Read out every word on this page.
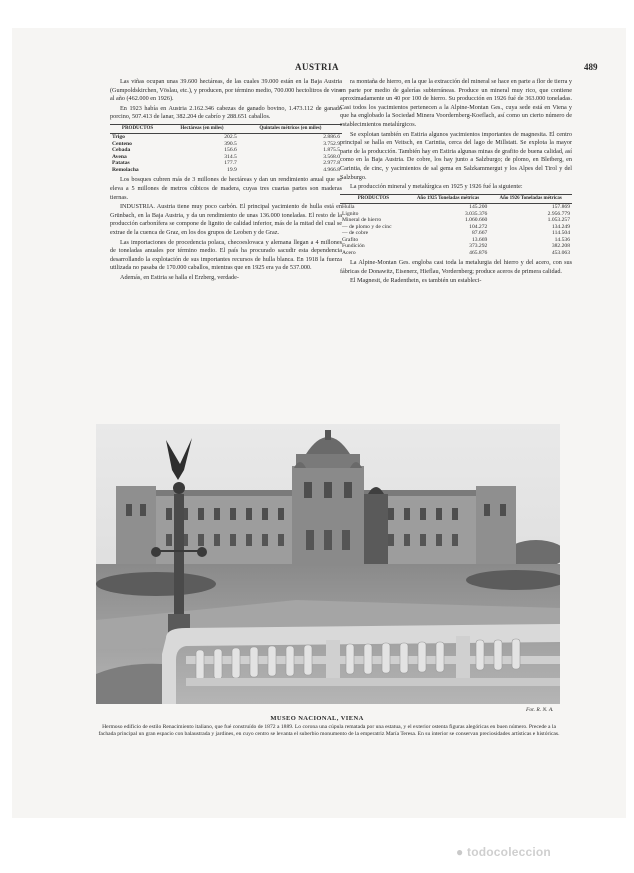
AUSTRIA	489

Las viñas ocupan unas 39.600 hectáreas, de las cuales 39.000 están en la Baja Austria (Gumpoldskirchen, Vöslau, etc.), y producen, por término medio, 700.000 hectolitros de vino al año (462.000 en 1926).

En 1923 había en Austria 2.162.346 cabezas de ganado bovino, 1.473.112 de ganado porcino, 507.413 de lanar, 382.204 de cabrío y 288.651 caballos.

PRODUCTOS	Hectáreas (en miles)	Quintales métricos (en miles)
Trigo	202.5	2.886.6
Centeno	390.5	3.752.9
Cebada	156.6	1.875.5
Avena	314.5	3.568.0
Patatas	177.7	2.977.8
Remolacha	19.9	4.966.8

Los bosques cubren más de 3 millones de hectáreas y dan un rendimiento anual que se eleva a 5 millones de metros cúbicos de madera, cuyas tres cuartas partes son maderas tiernas.

INDUSTRIA. Austria tiene muy poco carbón. El principal yacimiento de hulla está en Grünbach, en la Baja Austria, y da un rendimiento de unas 136.000 toneladas. El resto de la producción carbonífera se compone de lignito de calidad inferior, más de la mitad del cual se extrae de la cuenca de Graz, en los dos grupos de Leoben y de Graz.

Las importaciones de procedencia polaca, checoeslovaca y alemana llegan a 4 millones de toneladas anuales por término medio. El país ha procurado sacudir esta dependencia desarrollando la explotación de sus importantes recursos de hulla blanca. En 1918 la fuerza utilizada no pasaba de 170.000 caballos, mientras que en 1925 era ya de 537.000.

Además, en Estiria se halla el Erzberg, verdade-

ra montaña de hierro, en la que la extracción del mineral se hace en parte a flor de tierra y en parte por medio de galerías subterráneas. Produce un mineral muy rico, que contiene aproximadamente un 40 por 100 de hierro. Su producción en 1926 fué de 363.000 toneladas. Casi todos los yacimientos pertenecen a la Alpine-Montan Ges., cuya sede está en Viena y que ha englobado la Sociedad Minera Voordernberg-Koeflach, así como un cierto número de establecimientos metalúrgicos.

Se explotan también en Estiria algunos yacimientos importantes de magnesita. El centro principal se halla en Veitsch, en Carintia, cerca del lago de Millstatt. Se explota la mayor parte de la producción. También hay en Estiria algunas minas de grafito de buena calidad, así como en la Baja Austria. De cobre, los hay junto a Salzburgo; de plomo, en Bleiberg, en Carintia, de cinc, y yacimientos de sal gema en Salzkammergut y los Alpes del Tirol y del Salzburgo.

La producción mineral y metalúrgica en 1925 y 1926 fué la siguiente:

PRODUCTOS	Año 1925 Toneladas métricas	Año 1926 Toneladas métricas
Hulla	145.200	157.869
Lignito	3.035.376	2.956.779
Mineral de hierro	1.060.660	1.053.257
— de plomo y de cinc	104.272	134.249
— de cobre	87.667	114.504
Grafito	13.669	14.536
Fundición	373.292	382.208
Acero	465.876	453.063

La Alpine-Montan Ges. engloba casi toda la metalurgia del hierro y del acero, con sus fábricas de Donawitz, Eisenerz, Hieflau, Vordernberg; produce aceros de primera calidad.

El Magnesit, de Radenthein, es también un estableci-

Fot. R. N. A.
MUSEO NACIONAL, VIENA
Hermoso edificio de estilo Renacimiento italiano, que fué construído de 1872 a 1889. Lo corona una cúpula rematada por una estatua, y el exterior ostenta figuras alegóricas en buen número. Precede a la fachada principal un gran espacio con balaustrada y jardines, en cuyo centro se levanta el suberbio monumento de la emperatriz María Teresa. En su interior se conservan preciosidades artísticas e históricas.
● todocoleccion
